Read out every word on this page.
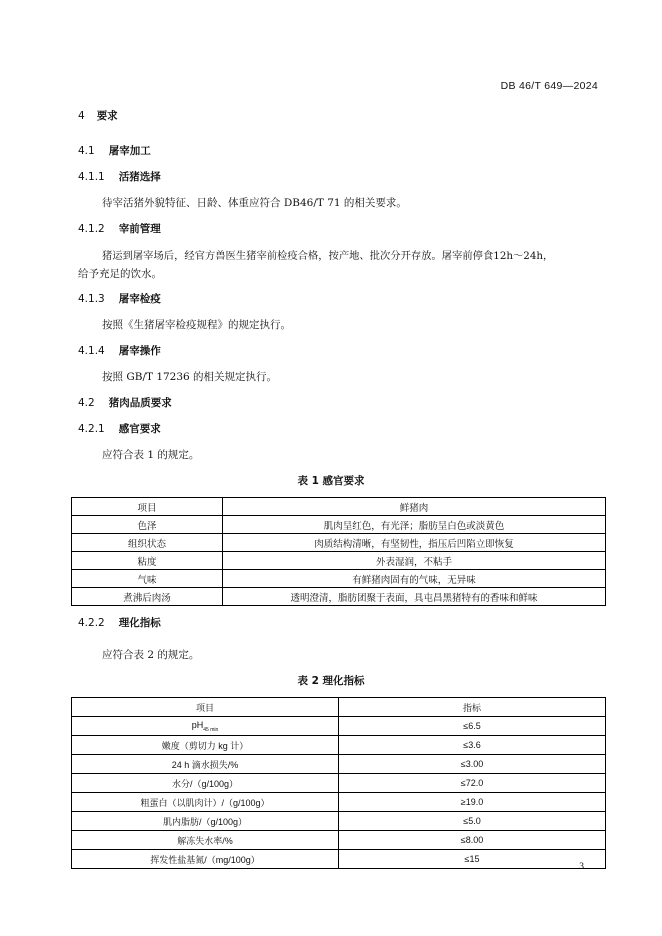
DB 46/T 649—2024
4 要求
4.1 屠宰加工
4.1.1 活猪选择
待宰活猪外貌特征、日龄、体重应符合 DB46/T 71 的相关要求。
4.1.2 宰前管理
猪运到屠宰场后，经官方兽医生猪宰前检疫合格，按产地、批次分开存放。屠宰前停食12h～24h，
给予充足的饮水。
4.1.3 屠宰检疫
按照《生猪屠宰检疫规程》的规定执行。
4.1.4 屠宰操作
按照 GB/T 17236 的相关规定执行。
4.2 猪肉品质要求
4.2.1 感官要求
应符合表 1 的规定。
表 1 感官要求
项目	鲜猪肉
色泽	肌肉呈红色，有光泽；脂肪呈白色或淡黄色
组织状态	肉质结构清晰，有坚韧性，指压后凹陷立即恢复
粘度	外表湿润，不粘手
气味	有鲜猪肉固有的气味，无异味
煮沸后肉汤	透明澄清，脂肪团聚于表面，具屯昌黑猪特有的香味和鲜味
4.2.2 理化指标
应符合表 2 的规定。
表 2 理化指标
项目	指标
$pH_{45 min}$	≤6.5
嫩度（剪切力 kg 计）	≤3.6
24 h 滴水损失/%	≤3.00
水分/（g/100g）	≤72.0
粗蛋白（以肌肉计）/（g/100g）	≥19.0
肌内脂肪/（g/100g）	≤5.0
解冻失水率/%	≤8.00
挥发性盐基氮/（mg/100g）	≤15
3
